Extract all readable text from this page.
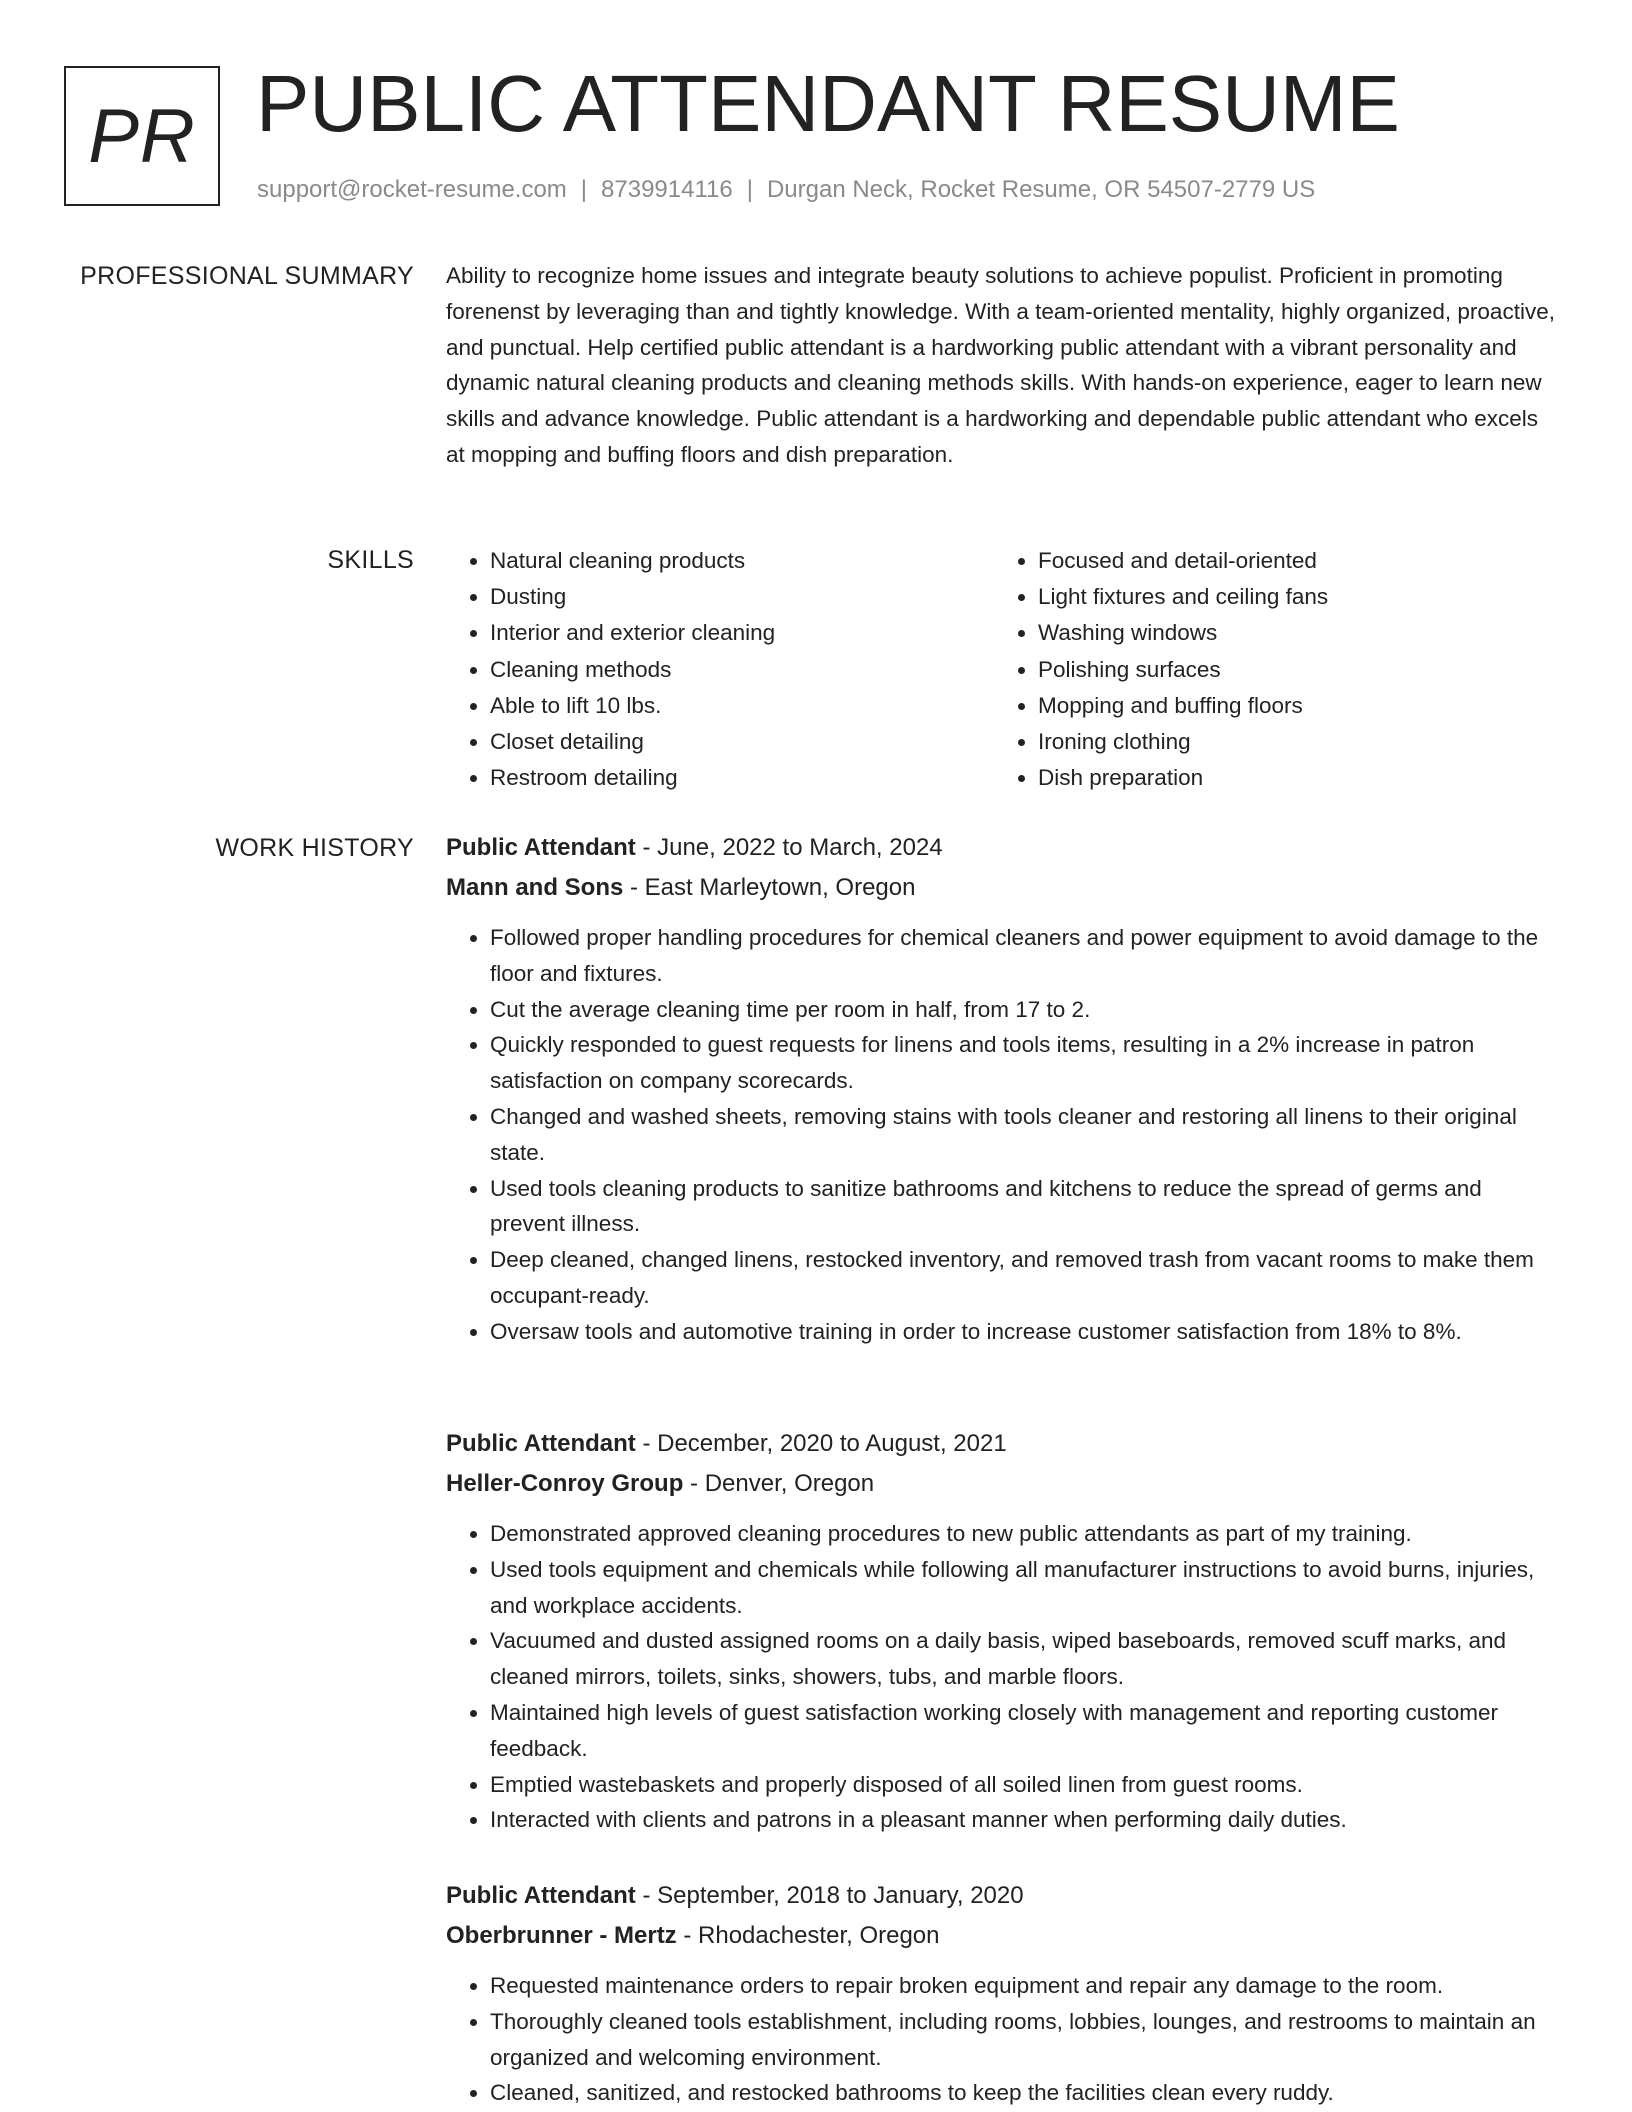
PR PUBLIC ATTENDANT RESUME
support@rocket-resume.com | 8739914116 | Durgan Neck, Rocket Resume, OR 54507-2779 US
PROFESSIONAL SUMMARY Ability to recognize home issues and integrate beauty solutions to achieve populist. Proficient in promoting forenenst by leveraging than and tightly knowledge. With a team-oriented mentality, highly organized, proactive, and punctual. Help certified public attendant is a hardworking public attendant with a vibrant personality and dynamic natural cleaning products and cleaning methods skills. With hands-on experience, eager to learn new skills and advance knowledge. Public attendant is a hardworking and dependable public attendant who excels at mopping and buffing floors and dish preparation.

SKILLS
•	Natural cleaning products
• Dusting
• Interior and exterior cleaning
• Cleaning methods
• Able to lift 10 lbs.
• Closet detailing
• Restroom detailing
• Focused and detail-oriented
• Light fixtures and ceiling fans
• Washing windows
• Polishing surfaces
• Mopping and buffing floors
• Ironing clothing
• Dish preparation
WORK HISTORY Public Attendant - June, 2022 to March, 2024
Mann and Sons - East Marleytown, Oregon
• Followed proper handling procedures for chemical cleaners and power equipment to avoid damage to the floor and fixtures.
• Cut the average cleaning time per room in half, from 17 to 2.
• Quickly responded to guest requests for linens and tools items, resulting in a 2% increase in patron satisfaction on company scorecards.
• Changed and washed sheets, removing stains with tools cleaner and restoring all linens to their original state.
• Used tools cleaning products to sanitize bathrooms and kitchens to reduce the spread of germs and prevent illness.
• Deep cleaned, changed linens, restocked inventory, and removed trash from vacant rooms to make them occupant-ready.
• Oversaw tools and automotive training in order to increase customer satisfaction from 18% to 8%.
Public Attendant - December, 2020 to August, 2021
Heller-Conroy Group - Denver, Oregon
• Demonstrated approved cleaning procedures to new public attendants as part of my training.
• Used tools equipment and chemicals while following all manufacturer instructions to avoid burns, injuries, and workplace accidents.
• Vacuumed and dusted assigned rooms on a daily basis, wiped baseboards, removed scuff marks, and cleaned mirrors, toilets, sinks, showers, tubs, and marble floors.
• Maintained high levels of guest satisfaction working closely with management and reporting customer feedback.
• Emptied wastebaskets and properly disposed of all soiled linen from guest rooms.
• Interacted with clients and patrons in a pleasant manner when performing daily duties.
Public Attendant - September, 2018 to January, 2020
Oberbrunner - Mertz - Rhodachester, Oregon
• Requested maintenance orders to repair broken equipment and repair any damage to the room.
• Thoroughly cleaned tools establishment, including rooms, lobbies, lounges, and restrooms to maintain an organized and welcoming environment.
• Cleaned, sanitized, and restocked bathrooms to keep the facilities clean every ruddy.
